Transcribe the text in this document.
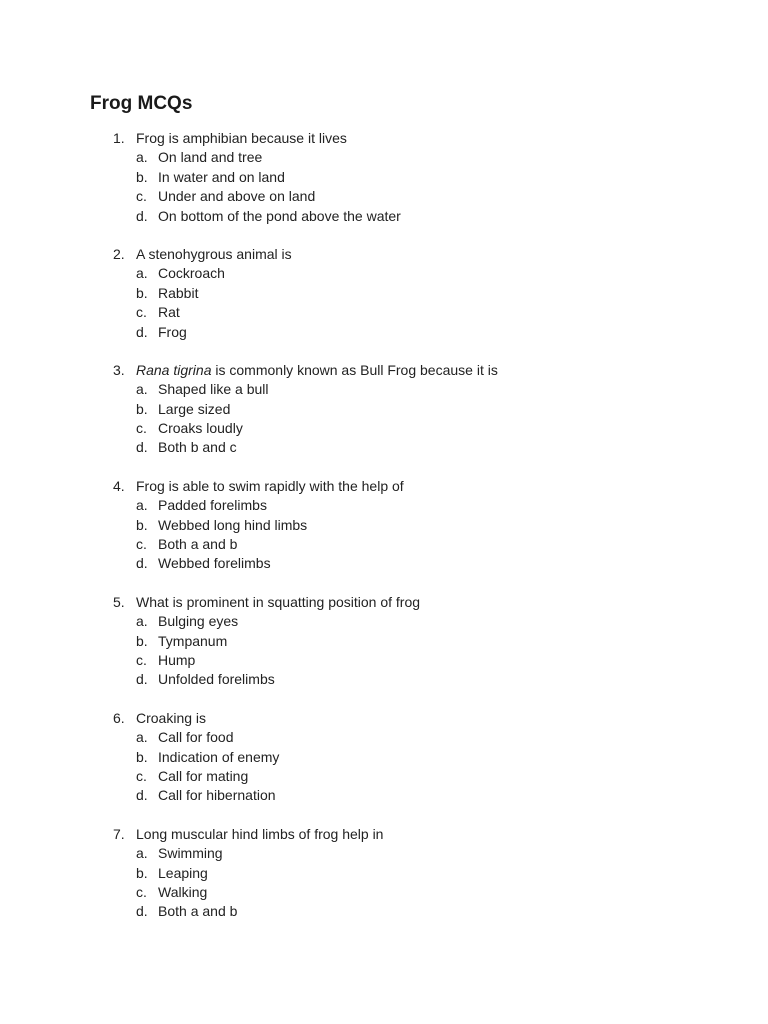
Frog MCQs
1. Frog is amphibian because it lives
a. On land and tree
b. In water and on land
c. Under and above on land
d. On bottom of the pond above the water
2. A stenohygrous animal is
a. Cockroach
b. Rabbit
c. Rat
d. Frog
3. Rana tigrina is commonly known as Bull Frog because it is
a. Shaped like a bull
b. Large sized
c. Croaks loudly
d. Both b and c
4. Frog is able to swim rapidly with the help of
a. Padded forelimbs
b. Webbed long hind limbs
c. Both a and b
d. Webbed forelimbs
5. What is prominent in squatting position of frog
a. Bulging eyes
b. Tympanum
c. Hump
d. Unfolded forelimbs
6. Croaking is
a. Call for food
b. Indication of enemy
c. Call for mating
d. Call for hibernation
7. Long muscular hind limbs of frog help in
a. Swimming
b. Leaping
c. Walking
d. Both a and b
